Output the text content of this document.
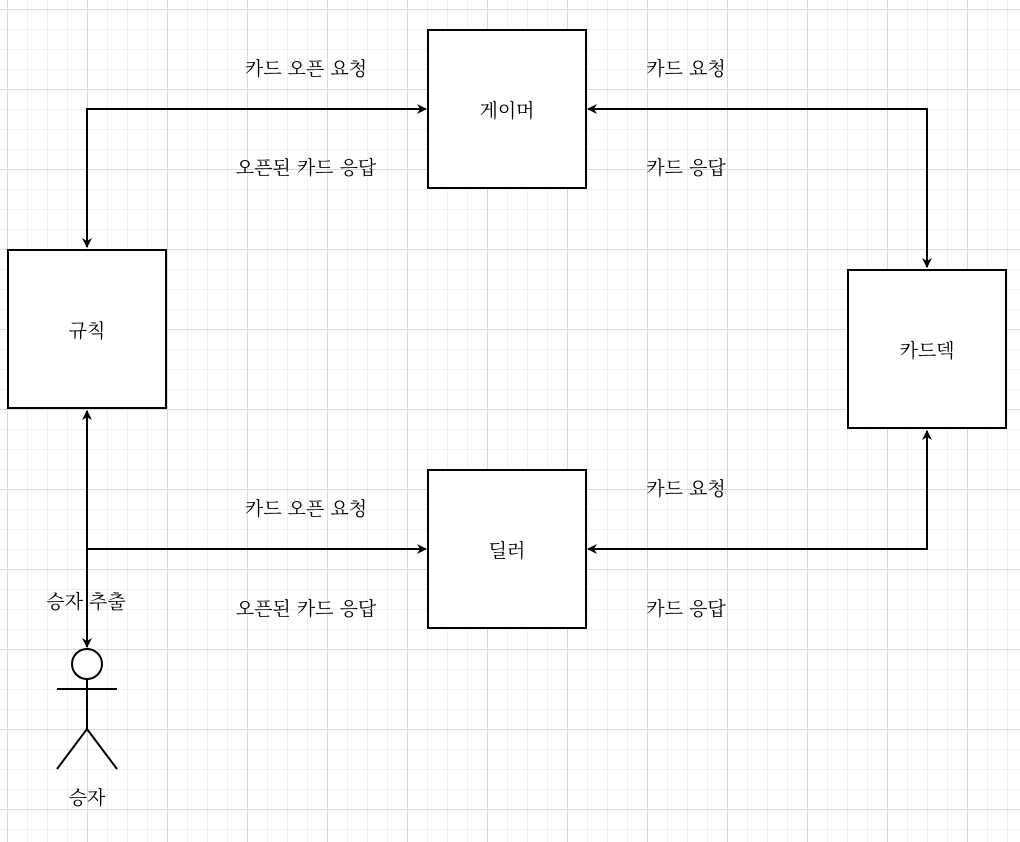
게이머
규칙
카드덱
딜러
카드 오픈 요청
오픈된 카드 응답
카드 요청
카드 응답
카드 오픈 요청
오픈된 카드 응답
카드 요청
카드 응답
승자 추출
승자
